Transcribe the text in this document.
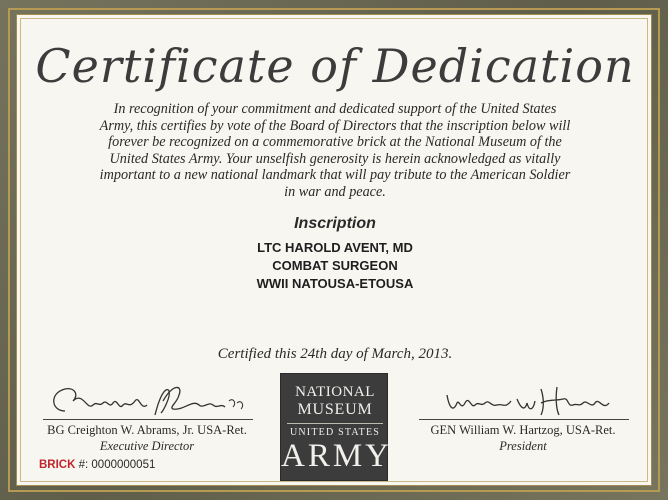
Certificate of Dedication
In recognition of your commitment and dedicated support of the United States
Army, this certifies by vote of the Board of Directors that the inscription below will
forever be recognized on a commemorative brick at the National Museum of the
United States Army. Your unselfish generosity is herein acknowledged as vitally
important to a new national landmark that will pay tribute to the American Soldier
in war and peace.
Inscription
LTC HAROLD AVENT, MD
COMBAT SURGEON
WWII NATOUSA-ETOUSA
Certified this 24th day of March, 2013.
BG Creighton W. Abrams, Jr. USA-Ret.
Executive Director
GEN William W. Hartzog, USA-Ret.
President
BRICK #: 0000000051
NATIONAL
MUSEUM
UNITED STATES
ARMY
